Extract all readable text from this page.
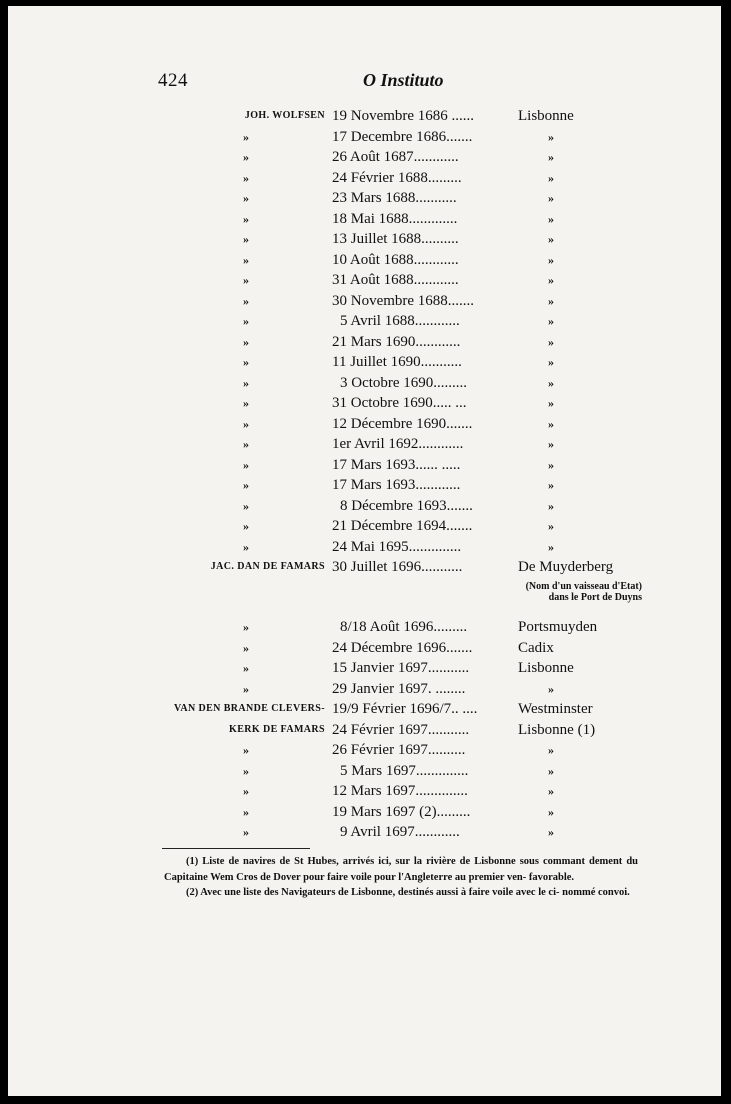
424	O Instituto
JOH. WOLFSEN 19 Novembre 1686 ......	Lisbonne
»	17 Decembre 1686.......	»
»	26 Août 1687............	»
»	24 Février 1688.........	»
»	23 Mars 1688...........	»
»	18 Mai 1688.............	»
»	13 Juillet 1688..........	»
»	10 Août 1688............	»
»	31 Août 1688............	»
»	30 Novembre 1688.......	»
»	5 Avril 1688............	»
»	21 Mars 1690............	»
»	11 Juillet 1690...........	»
»	3 Octobre 1690.........	»
»	31 Octobre 1690..... ...	»
»	12 Décembre 1690.......	»
»	1er Avril 1692............	»
»	17 Mars 1693...... .....	»
»	17 Mars 1693............	»
»	8 Décembre 1693.......	»
»	21 Décembre 1694.......	»
»	24 Mai 1695..............	»
JAC. DAN DE FAMARS 30 Juillet 1696...........	De Muyderberg
(Nom d'un vaisseau d'Etat) dans le Port de Duyns
»	8/18 Août 1696.........	Portsmuyden
»	24 Décembre 1696.......	Cadix
»	15 Janvier 1697...........	Lisbonne
»	29 Janvier 1697. ........	»
VAN DEN BRANDE CLEVERS- 19/9 Février 1696/7.. ....	Westminster
KERK DE FAMARS 24 Février 1697...........	Lisbonne (1)
»	26 Février 1697..........	»
»	5 Mars 1697..............	»
»	12 Mars 1697..............	»
»	19 Mars 1697 (2).........	»
»	9 Avril 1697............	»

(1) Liste de navires de St Hubes, arrivés ici, sur la rivière de Lisbonne sous commant dement du Capitaine Wem Cros de Dover pour faire voile pour l'Angleterre au premier ven- favorable.

(2) Avec une liste des Navigateurs de Lisbonne, destinés aussi à faire voile avec le ci- nommé convoi.
